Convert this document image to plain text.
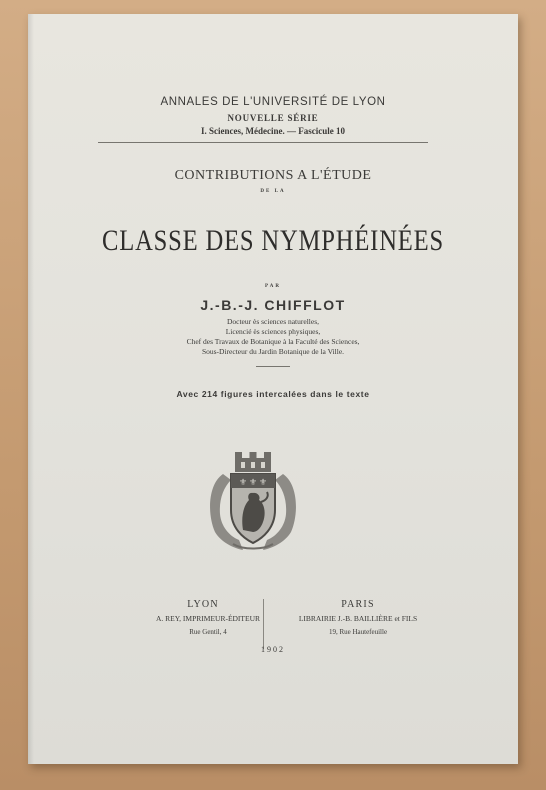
ANNALES DE L'UNIVERSITÉ DE LYON
NOUVELLE SÉRIE
I. Sciences, Médecine. — Fascicule 10
CONTRIBUTIONS A L'ÉTUDE
DE LA
CLASSE DES NYMPHÉINÉES
PAR
J.-B.-J. CHIFFLOT
Docteur ès sciences naturelles,
Licencié ès sciences physiques,
Chef des Travaux de Botanique à la Faculté des Sciences,
Sous-Directeur du Jardin Botanique de la Ville.
Avec 214 figures intercalées dans le texte
⚜ ⚜ ⚜
LYON
A. REY, IMPRIMEUR-ÉDITEUR
Rue Gentil, 4
PARIS
LIBRAIRIE J.-B. BAILLIÈRE et FILS
19, Rue Hautefeuille
1902
